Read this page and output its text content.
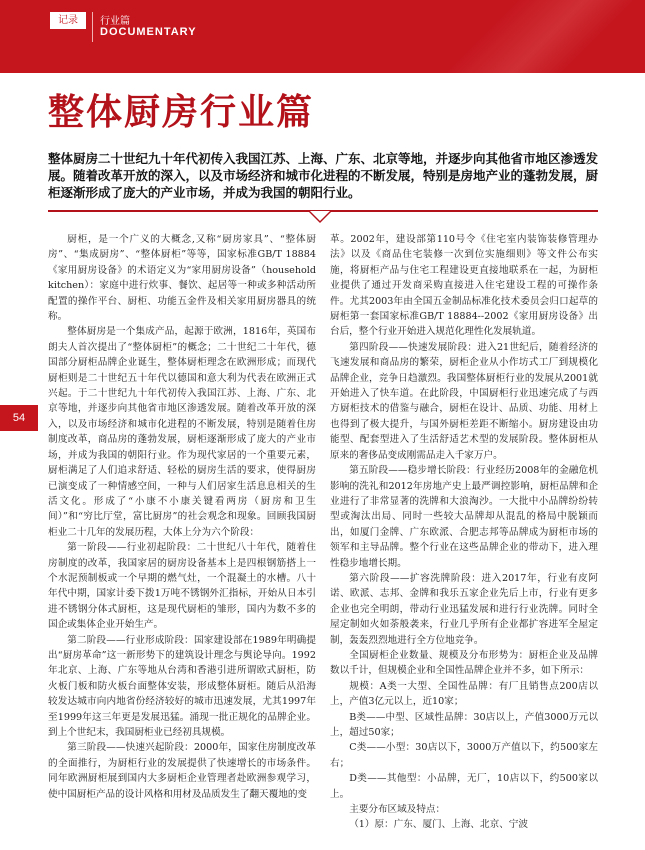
记录	行业篇
DOCUMENTARY
整体厨房行业篇
整体厨房二十世纪九十年代初传入我国江苏、上海、广东、北京等地，并逐步向其他省市地区渗透发展。随着改革开放的深入，以及市场经济和城市化进程的不断发展，特别是房地产业的蓬勃发展，厨柜逐渐形成了庞大的产业市场，并成为我国的朝阳行业。
54

厨柜，是一个广义的大概念,又称“厨房家具”、“整体厨房”、“集成厨房”、“整体厨柜”等等，国家标准GB/T 18884《家用厨房设备》的术语定义为“家用厨房设备”（household kitchen）：家庭中进行炊事、餐饮、起居等一种或多种活动所配置的操作平台、厨柜、功能五金件及相关家用厨房器具的统称。

整体厨房是一个集成产品，起源于欧洲，1816年，英国布朗夫人首次提出了“整体厨柜”的概念；二十世纪二十年代，德国部分厨柜品牌企业诞生，整体厨柜理念在欧洲形成；而现代厨柜则是二十世纪五十年代以德国和意大利为代表在欧洲正式兴起。于二十世纪九十年代初传入我国江苏、上海、广东、北京等地，并逐步向其他省市地区渗透发展。随着改革开放的深入，以及市场经济和城市化进程的不断发展，特别是随着住房制度改革，商品房的蓬勃发展，厨柜逐渐形成了庞大的产业市场，并成为我国的朝阳行业。作为现代家居的一个重要元素，厨柜满足了人们追求舒适、轻松的厨房生活的要求，使得厨房已演变成了一种情感空间，一种与人们居家生活息息相关的生活文化。形成了“小康不小康关键看两房（厨房和卫生间）”和“穷比厅堂，富比厨房”的社会观念和现象。回顾我国厨柜业二十几年的发展历程，大体上分为六个阶段：

第一阶段——行业初起阶段：二十世纪八十年代，随着住房制度的改革，我国家居的厨房设备基本上是四根钢筋搭上一个水泥预制板或一个早期的燃气灶，一个混凝土的水槽。八十年代中期，国家计委下拨1万吨不锈钢外汇指标，开始从日本引进不锈钢分体式厨柜，这是现代厨柜的雏形，国内为数不多的国企或集体企业开始生产。

第二阶段——行业形成阶段：国家建设部在1989年明确提出“厨房革命”这一新形势下的建筑设计理念与舆论导向。1992年北京、上海、广东等地从台湾和香港引进所谓欧式厨柜，防火板门板和防火板台面整体安装，形成整体厨柜。随后从沿海较发达城市向内地省份经济较好的城市迅速发展，尤其1997年至1999年这三年更是发展迅猛。涌现一批正规化的品牌企业。到上个世纪末，我国厨柜业已经初具规模。

第三阶段——快速兴起阶段：2000年，国家住房制度改革的全面推行，为厨柜行业的发展提供了快速增长的市场条件。同年欧洲厨柜展到国内大多厨柜企业管理者赴欧洲参观学习，使中国厨柜产品的设计风格和用材及品质发生了翻天覆地的变

革。2002年，建设部第110号令《住宅室内装饰装修管理办法》以及《商品住宅装修一次到位实施细则》等文件公布实施，将厨柜产品与住宅工程建设更直接地联系在一起，为厨柜业提供了通过开发商采购直接进入住宅建设工程的可操作条件。尤其2003年由全国五金制品标准化技术委员会归口起草的厨柜第一套国家标准GB/T 18884--2002《家用厨房设备》出台后，整个行业开始进入规范化理性化发展轨道。

第四阶段——快速发展阶段：进入21世纪后，随着经济的飞速发展和商品房的繁荣，厨柜企业从小作坊式工厂到规模化品牌企业，竞争日趋激烈。我国整体厨柜行业的发展从2001就开始进入了快车道。在此阶段，中国厨柜行业迅速完成了与西方厨柜技术的借鉴与融合，厨柜在设计、品质、功能、用材上也得到了极大提升，与国外厨柜差距不断缩小。厨房建设由功能型、配套型进入了生活舒适艺术型的发展阶段。整体厨柜从原来的奢侈品变成刚需品走入千家万户。

第五阶段——稳步增长阶段：行业经历2008年的金融危机影响的洗礼和2012年房地产史上最严调控影响，厨柜品牌和企业进行了非常显著的洗牌和大浪淘沙。一大批中小品牌纷纷转型或淘汰出局、同时一些较大品牌却从混乱的格局中脱颖而出，如厦门金牌、广东欧派、合肥志邦等品牌成为厨柜市场的领军和主导品牌。整个行业在这些品牌企业的带动下，进入理性稳步地增长期。

第六阶段——扩容洗牌阶段：进入2017年，行业有皮阿诺、欧派、志邦、金牌和我乐五家企业先后上市，行业有更多企业也完全明朗，带动行业迅猛发展和进行行业洗牌。同时全屋定制如火如荼般袭来，行业几乎所有企业都扩容进军全屋定制，轰轰烈烈地进行全方位地竞争。

全国厨柜企业数量、规模及分布形势为：厨柜企业及品牌数以千计，但规模企业和全国性品牌企业并不多，如下所示：

规模：A类一大型、全国性品牌：有厂且销售点200店以上，产值3亿元以上，近10家；

B类——中型、区域性品牌：30店以上，产值3000万元以上，超过50家；

C类——小型：30店以下，3000万产值以下，约500家左右；

D类——其他型：小品牌，无厂，10店以下，约500家以上。

主要分布区域及特点：

（1）原：广东、厦门、上海、北京、宁波
